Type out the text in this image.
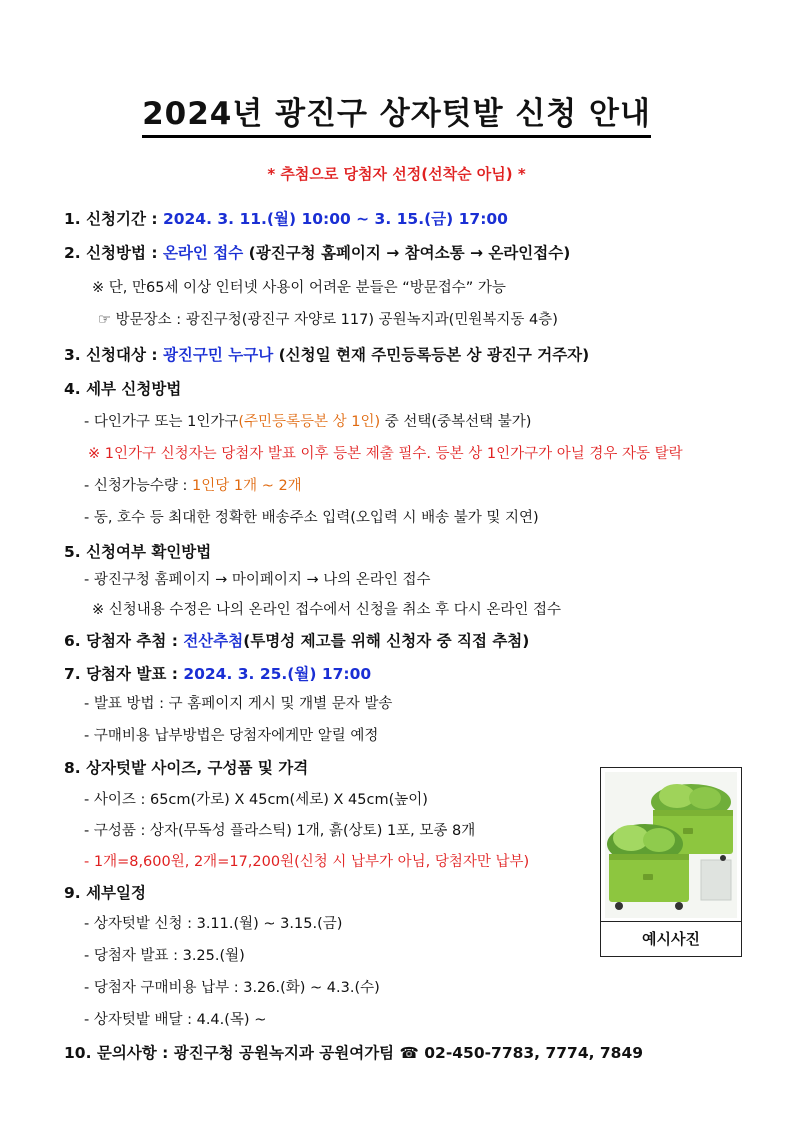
2024년 광진구 상자텃밭 신청 안내
* 추첨으로 당첨자 선정(선착순 아님) *
1. 신청기간 : 2024. 3. 11.(월) 10:00 ~ 3. 15.(금) 17:00
2. 신청방법 : 온라인 접수 (광진구청 홈페이지 → 참여소통 → 온라인접수)
※ 단, 만65세 이상 인터넷 사용이 어려운 분들은 “방문접수” 가능
☞ 방문장소 : 광진구청(광진구 자양로 117) 공원녹지과(민원복지동 4층)
3. 신청대상 : 광진구민 누구나 (신청일 현재 주민등록등본 상 광진구 거주자)
4. 세부 신청방법
- 다인가구 또는 1인가구(주민등록등본 상 1인) 중 선택(중복선택 불가)
※ 1인가구 신청자는 당첨자 발표 이후 등본 제출 필수. 등본 상 1인가구가 아닐 경우 자동 탈락
- 신청가능수량 : 1인당 1개 ~ 2개
- 동, 호수 등 최대한 정확한 배송주소 입력(오입력 시 배송 불가 및 지연)
5. 신청여부 확인방법
- 광진구청 홈페이지 → 마이페이지 → 나의 온라인 접수
※ 신청내용 수정은 나의 온라인 접수에서 신청을 취소 후 다시 온라인 접수
6. 당첨자 추첨 : 전산추첨(투명성 제고를 위해 신청자 중 직접 추첨)
7. 당첨자 발표 : 2024. 3. 25.(월) 17:00
- 발표 방법 : 구 홈페이지 게시 및 개별 문자 발송
- 구매비용 납부방법은 당첨자에게만 알릴 예정
8. 상자텃밭 사이즈, 구성품 및 가격
- 사이즈 : 65cm(가로) X 45cm(세로) X 45cm(높이)
- 구성품 : 상자(무독성 플라스틱) 1개, 흙(상토) 1포, 모종 8개
- 1개=8,600원, 2개=17,200원(신청 시 납부가 아님, 당첨자만 납부)
9. 세부일정
- 상자텃밭 신청 : 3.11.(월) ~ 3.15.(금)
- 당첨자 발표 : 3.25.(월)
- 당첨자 구매비용 납부 : 3.26.(화) ~ 4.3.(수)
- 상자텃밭 배달 : 4.4.(목) ~
10. 문의사항 : 광진구청 공원녹지과 공원여가팀 ☎ 02-450-7783, 7774, 7849
예시사진
